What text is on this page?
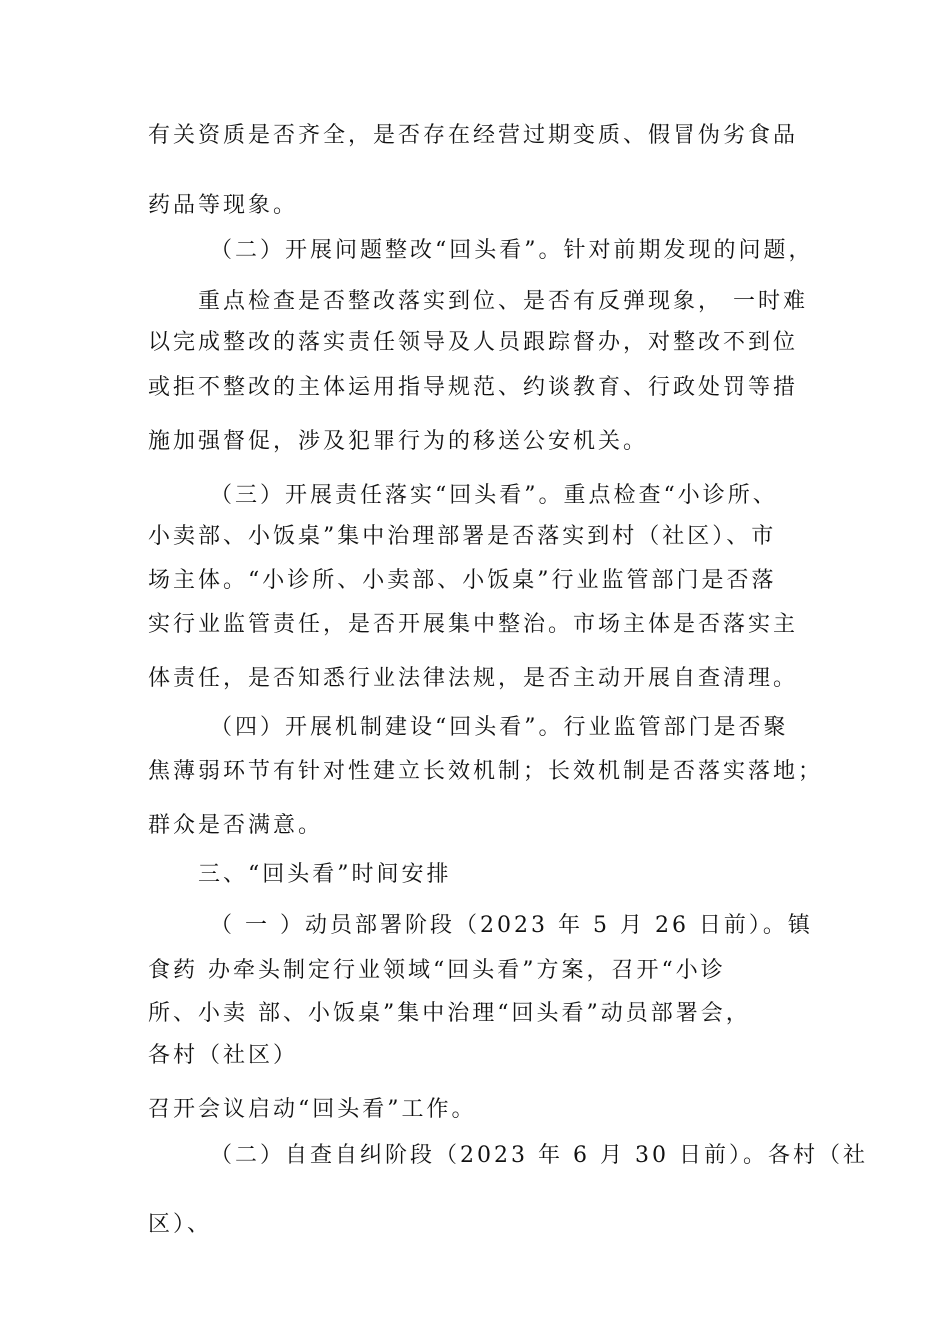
有关资质是否齐全，是否存在经营过期变质、假冒伪劣食品
药品等现象。
（二）开展问题整改“回头看”。针对前期发现的问题，
重点检查是否整改落实到位、是否有反弹现象， 一时难
以完成整改的落实责任领导及人员跟踪督办，对整改不到位
或拒不整改的主体运用指导规范、约谈教育、行政处罚等措
施加强督促，涉及犯罪行为的移送公安机关。
（三）开展责任落实“回头看”。重点检查“小诊所、
小卖部、小饭桌”集中治理部署是否落实到村（社区）、市
场主体。“小诊所、小卖部、小饭桌”行业监管部门是否落
实行业监管责任，是否开展集中整治。市场主体是否落实主
体责任，是否知悉行业法律法规，是否主动开展自查清理。
（四）开展机制建设“回头看”。行业监管部门是否聚
焦薄弱环节有针对性建立长效机制；长效机制是否落实落地；
群众是否满意。
三、“回头看”时间安排
（ 一 ）动员部署阶段（2023 年 5 月 26 日前）。镇
食药 办牵头制定行业领域“回头看”方案，召开“小诊
所、小卖 部、小饭桌”集中治理“回头看”动员部署会，
各村（社区）
召开会议启动“回头看”工作。
（二）自查自纠阶段（2023 年 6 月 30 日前）。各村（社
区）、
